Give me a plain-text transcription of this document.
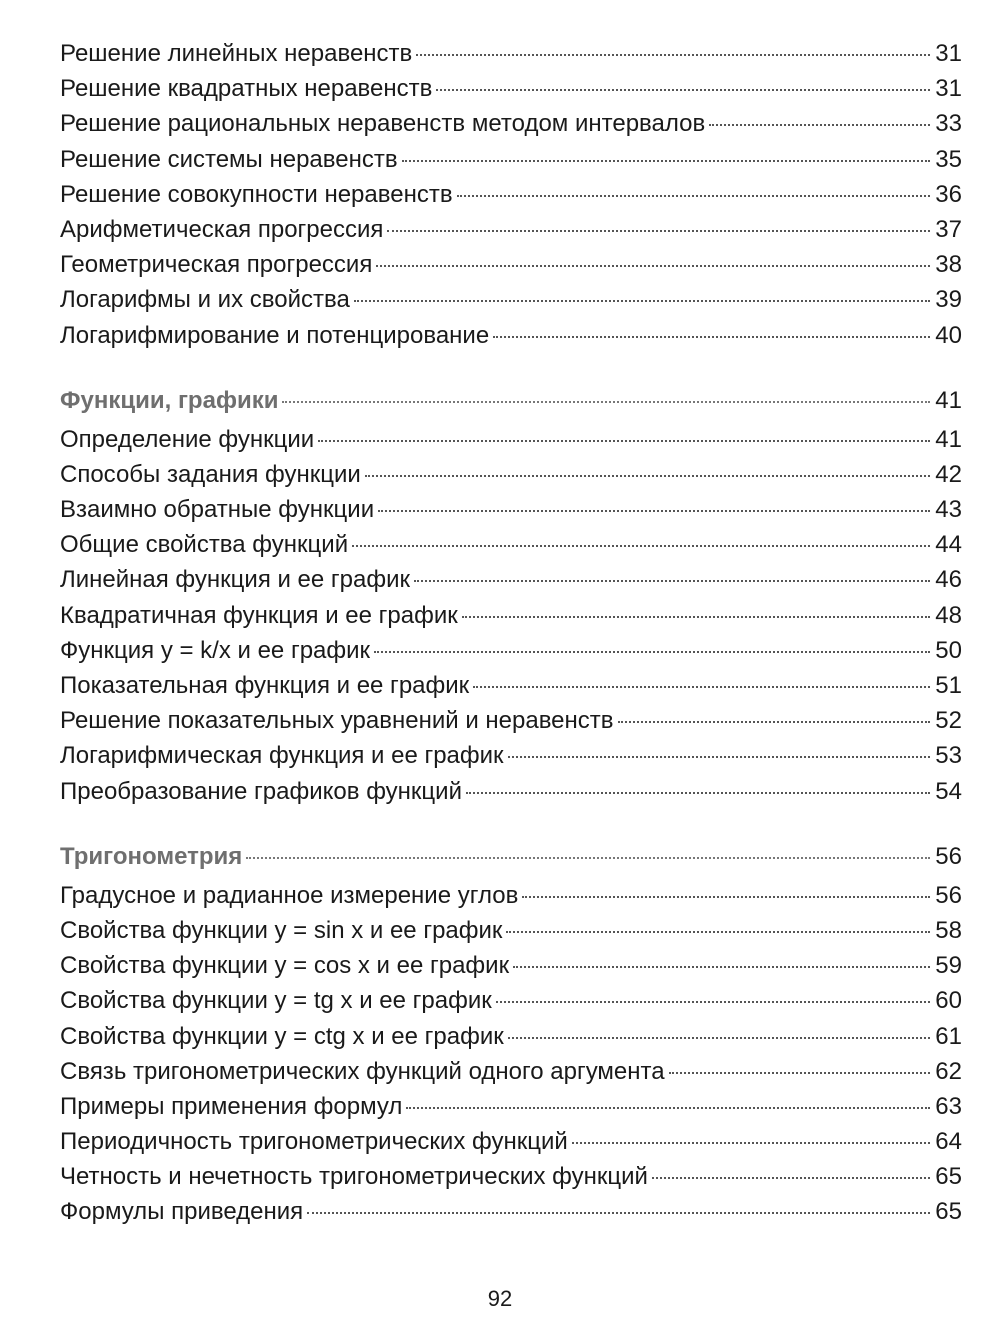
Решение линейных неравенств	31
Решение квадратных неравенств	31
Решение рациональных неравенств методом интервалов	33
Решение системы неравенств	35
Решение совокупности неравенств	36
Арифметическая прогрессия	37
Геометрическая прогрессия	38
Логарифмы и их свойства	39
Логарифмирование и потенцирование	40
Функции, графики	41
Определение функции	41
Способы задания функции	42
Взаимно обратные функции	43
Общие свойства функций	44
Линейная функция и ее график	46
Квадратичная функция и ее график	48
Функция y = k/x и ее график	50
Показательная функция и ее график	51
Решение показательных уравнений и неравенств	52
Логарифмическая функция и ее график	53
Преобразование графиков функций	54
Тригонометрия	56
Градусное и радианное измерение углов	56
Свойства функции y = sin x и ее график	58
Свойства функции y = cos x и ее график	59
Свойства функции y = tg x и ее график	60
Свойства функции y = ctg x и ее график	61
Связь тригонометрических функций одного аргумента	62
Примеры применения формул	63
Периодичность тригонометрических функций	64
Четность и нечетность тригонометрических функций	65
Формулы приведения	65
92
